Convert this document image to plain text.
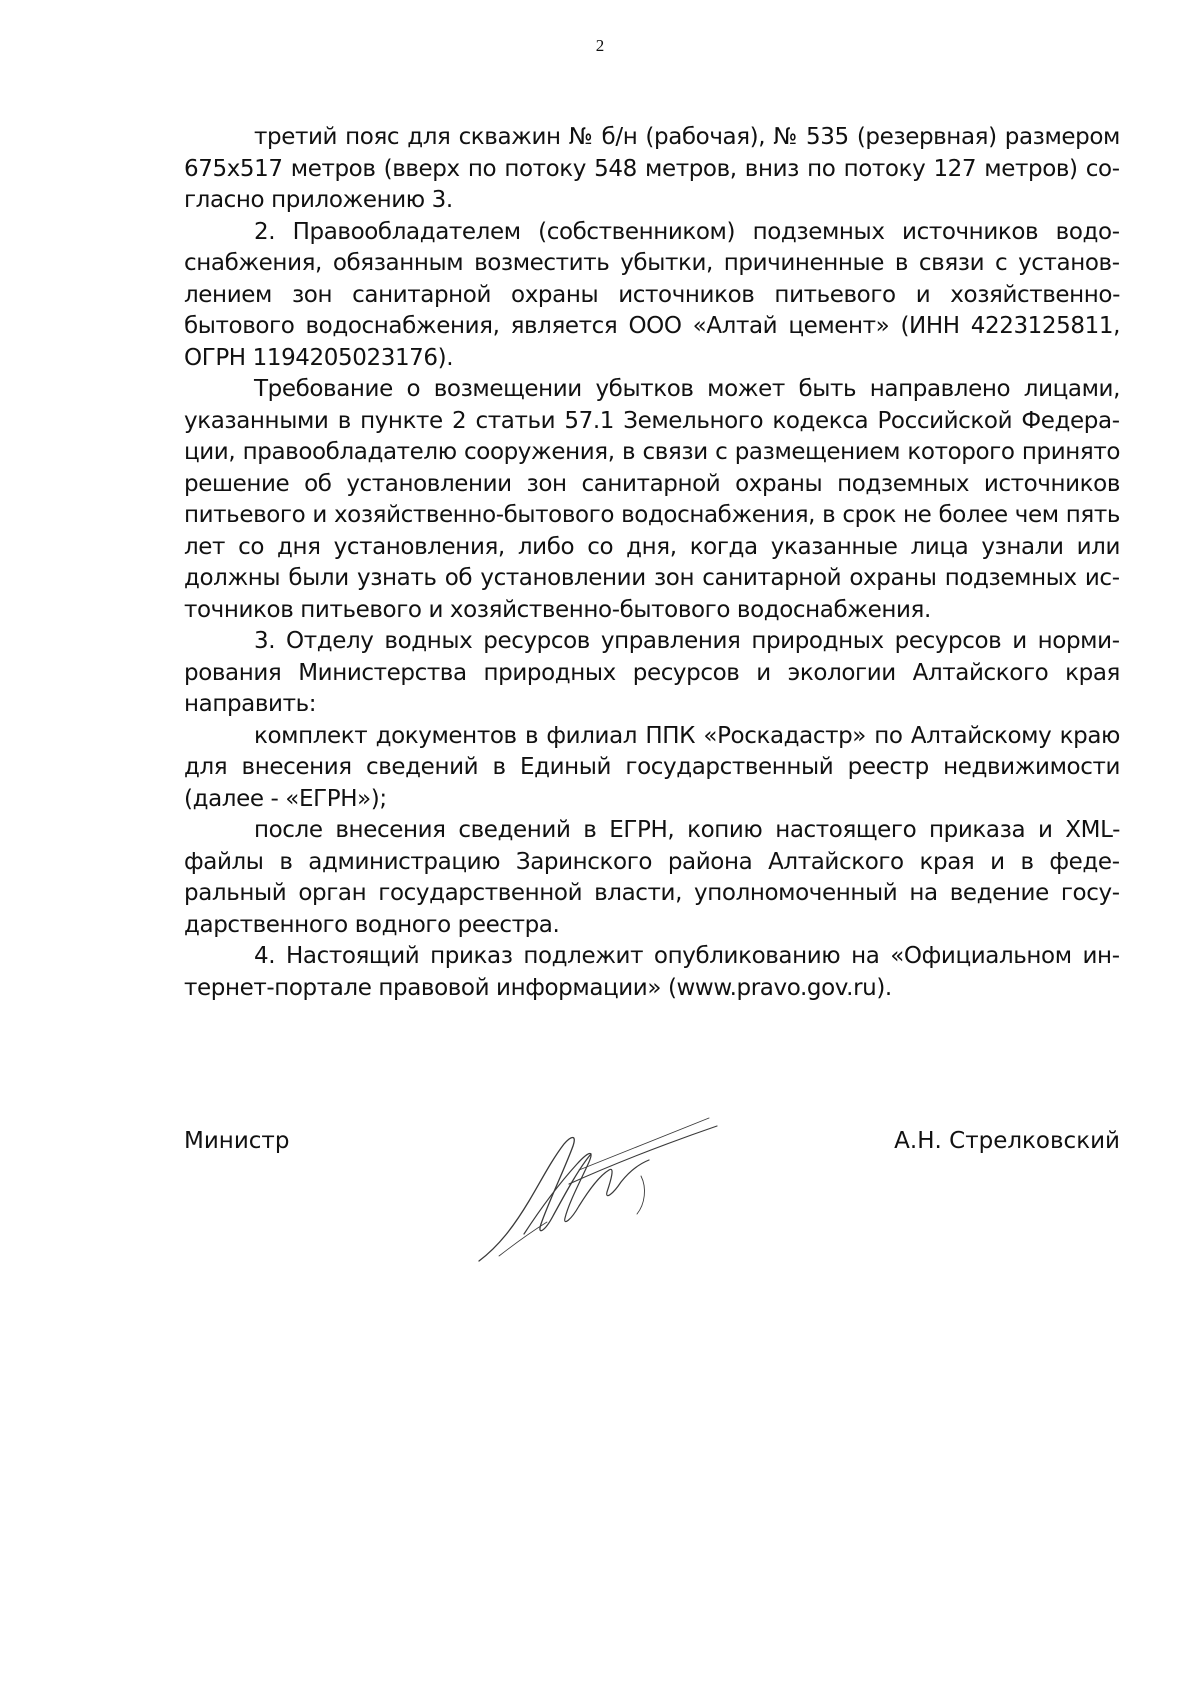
2

третий пояс для скважин № б/н (рабочая), № 535 (резервная) размером 675x517 метров (вверх по потоку 548 метров, вниз по потоку 127 метров) согласно приложению 3.

2. Правообладателем (собственником) подземных источников водоснабжения, обязанным возместить убытки, причиненные в связи с установлением зон санитарной охраны источников питьевого и хозяйственно-бытового водоснабжения, является ООО «Алтай цемент» (ИНН 4223125811, ОГРН 1194205023176).

Требование о возмещении убытков может быть направлено лицами, указанными в пункте 2 статьи 57.1 Земельного кодекса Российской Федерации, правообладателю сооружения, в связи с размещением которого принято решение об установлении зон санитарной охраны подземных источников питьевого и хозяйственно-бытового водоснабжения, в срок не более чем пять лет со дня установления, либо со дня, когда указанные лица узнали или должны были узнать об установлении зон санитарной охраны подземных источников питьевого и хозяйственно-бытового водоснабжения.

3. Отделу водных ресурсов управления природных ресурсов и нормирования Министерства природных ресурсов и экологии Алтайского края направить:

комплект документов в филиал ППК «Роскадастр» по Алтайскому краю для внесения сведений в Единый государственный реестр недвижимости (далее - «ЕГРН»);

после внесения сведений в ЕГРН, копию настоящего приказа и XML-файлы в администрацию Заринского района Алтайского края и в федеральный орган государственной власти, уполномоченный на ведение государственного водного реестра.

4. Настоящий приказ подлежит опубликованию на «Официальном интернет-портале правовой информации» (www.pravo.gov.ru).

Министр	А.Н. Стрелковский
